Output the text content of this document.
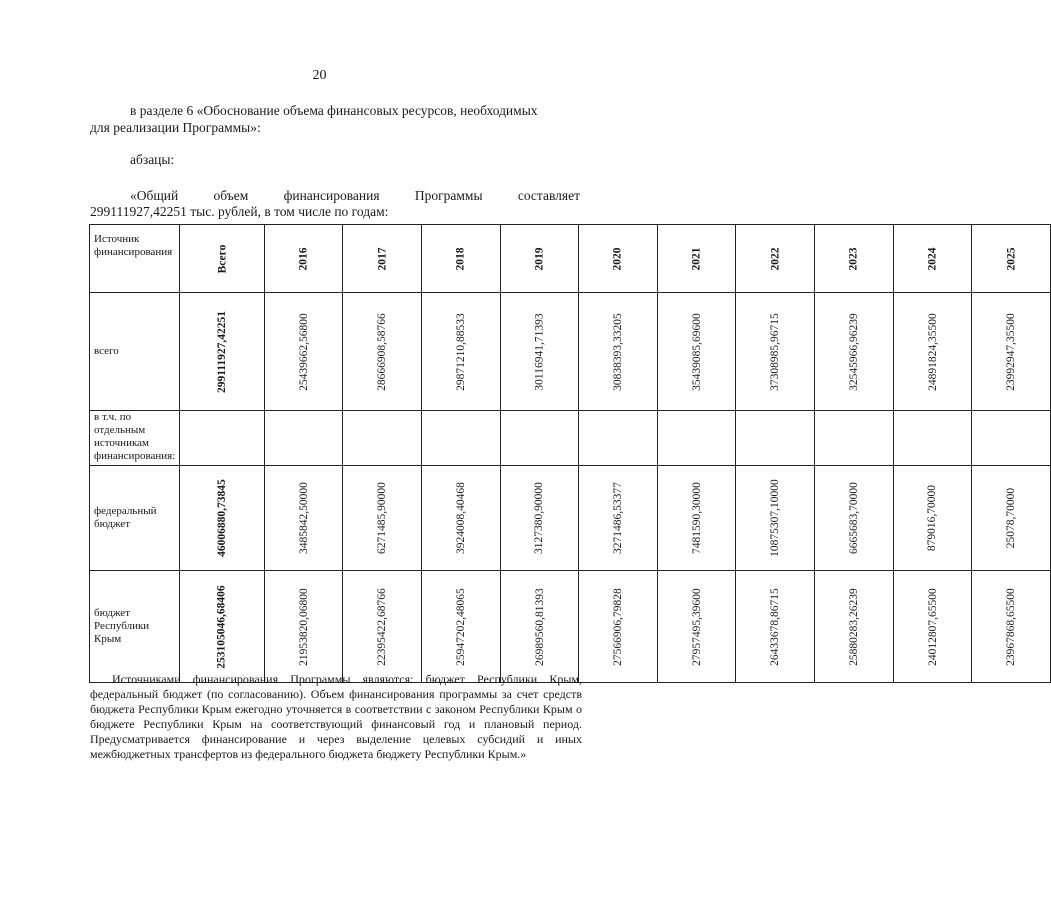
20
в разделе 6 «Обоснование объема финансовых ресурсов, необходимых
для реализации Программы»:
абзацы:
«Общий	объем	финансирования	Программы	составляет
299111927,42251 тыс. рублей, в том числе по годам:
Источник финансирования	Всего	2016	2017	2018	2019	2020	2021	2022	2023	2024	2025

всего	299111927,42251	25439662,56800	28666908,58766	29871210,88533	30116941,71393	30838393,33205	35439085,69600	37308985,96715	32545966,96239	24891824,35500	23992947,35500

в т.ч. по отдельным источникам финансирования:											
федеральный бюджет	46006880,73845	3485842,50000	6271485,90000	3924008,40468	3127380,90000	3271486,53377	7481590,30000	10875307,10000	6665683,70000	879016,70000	25078,70000

бюджет Республики Крым	253105046,68406	21953820,06800	22395422,68766	25947202,48065	26989560,81393	27566906,79828	27957495,39600	26433678,86715	25880283,26239	24012807,65500	23967868,65500
Источниками финансирования Программы являются: бюджет Республики Крым, федеральный бюджет (по согласованию). Объем финансирования программы за счет средств бюджета Республики Крым ежегодно уточняется в соответствии с законом Республики Крым о бюджете Республики Крым на соответствующий финансовый год и плановый период. Предусматривается финансирование и через выделение целевых субсидий и иных межбюджетных трансфертов из федерального бюджета бюджету Республики Крым.»
